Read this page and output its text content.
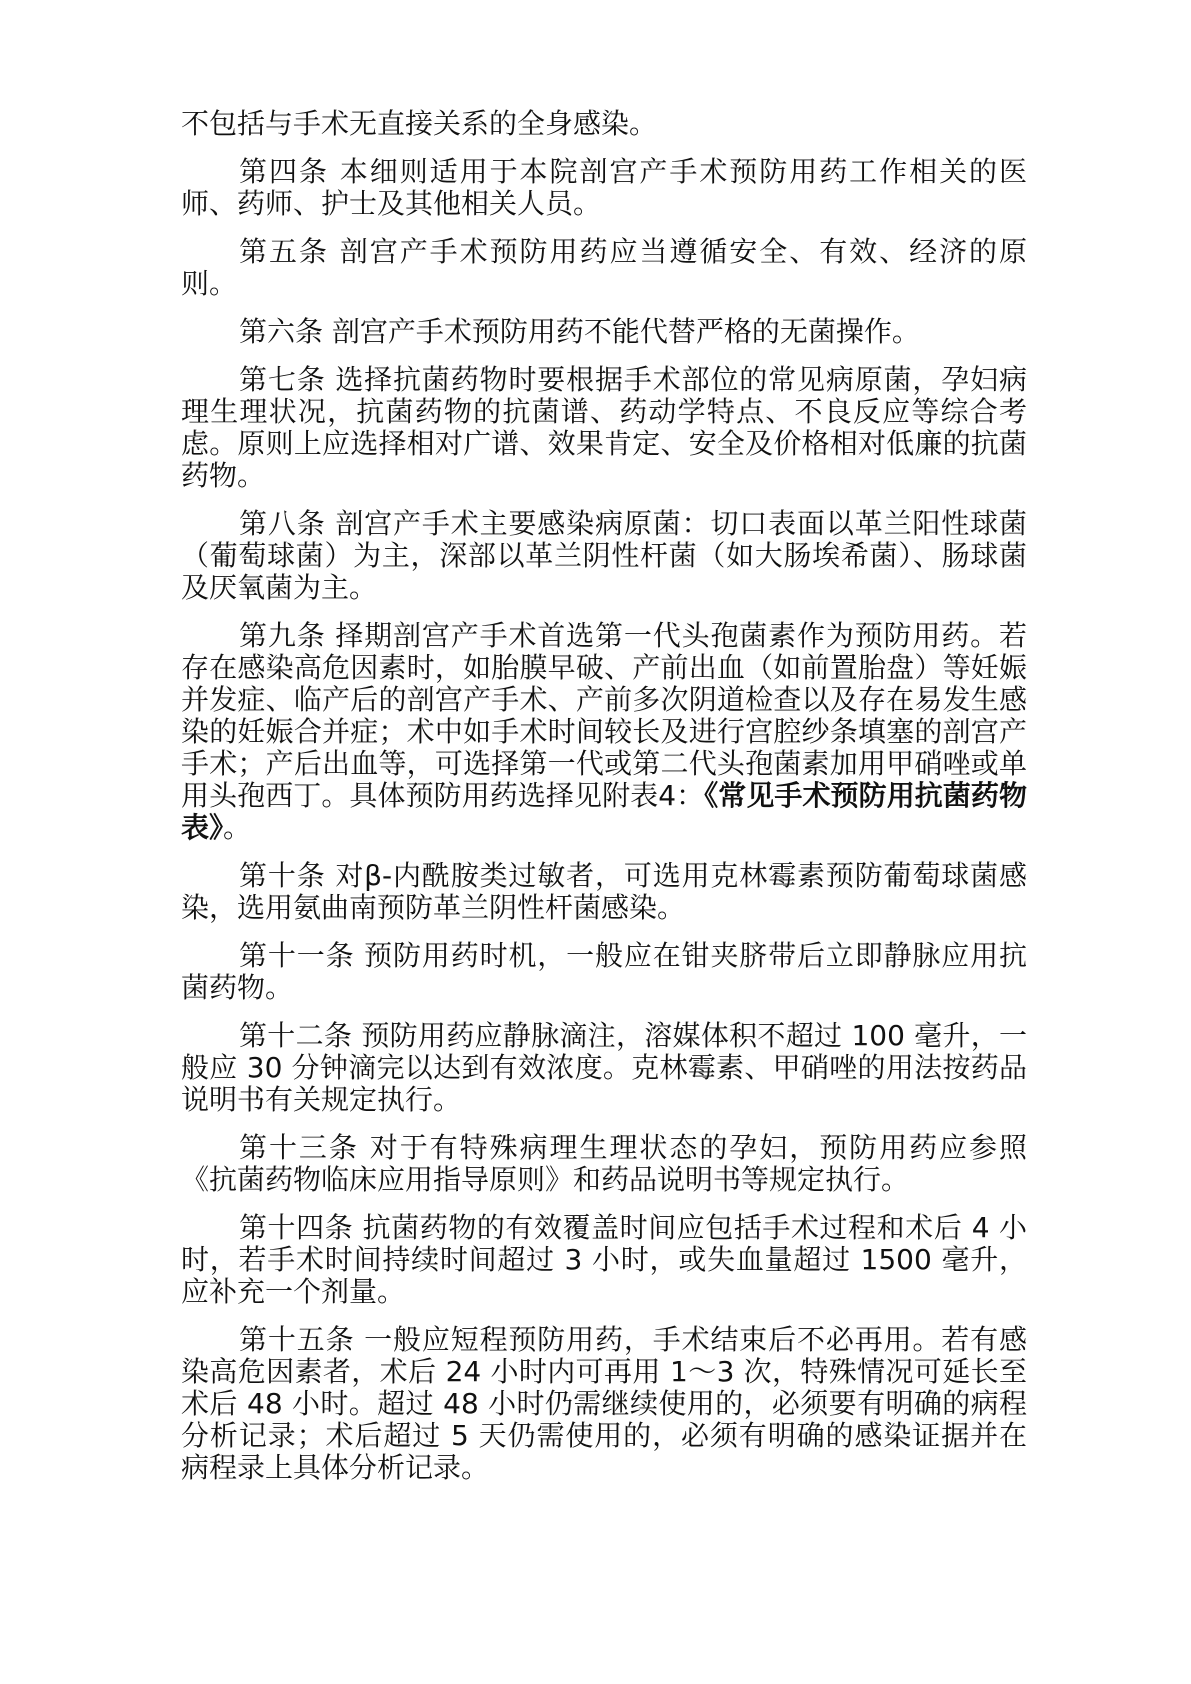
不包括与手术无直接关系的全身感染。

第四条 本细则适用于本院剖宫产手术预防用药工作相关的医师、药师、护士及其他相关人员。

第五条 剖宫产手术预防用药应当遵循安全、有效、经济的原则。

第六条 剖宫产手术预防用药不能代替严格的无菌操作。

第七条 选择抗菌药物时要根据手术部位的常见病原菌，孕妇病理生理状况，抗菌药物的抗菌谱、药动学特点、不良反应等综合考虑。原则上应选择相对广谱、效果肯定、安全及价格相对低廉的抗菌药物。

第八条 剖宫产手术主要感染病原菌：切口表面以革兰阳性球菌（葡萄球菌）为主，深部以革兰阴性杆菌（如大肠埃希菌）、肠球菌及厌氧菌为主。

第九条 择期剖宫产手术首选第一代头孢菌素作为预防用药。若存在感染高危因素时，如胎膜早破、产前出血（如前置胎盘）等妊娠并发症、临产后的剖宫产手术、产前多次阴道检查以及存在易发生感染的妊娠合并症；术中如手术时间较长及进行宫腔纱条填塞的剖宫产手术；产后出血等，可选择第一代或第二代头孢菌素加用甲硝唑或单用头孢西丁。具体预防用药选择见附表4：《常见手术预防用抗菌药物表》。

第十条 对β-内酰胺类过敏者，可选用克林霉素预防葡萄球菌感染，选用氨曲南预防革兰阴性杆菌感染。

第十一条 预防用药时机，一般应在钳夹脐带后立即静脉应用抗菌药物。

第十二条 预防用药应静脉滴注，溶媒体积不超过 100 毫升，一般应 30 分钟滴完以达到有效浓度。克林霉素、甲硝唑的用法按药品说明书有关规定执行。

第十三条 对于有特殊病理生理状态的孕妇，预防用药应参照《抗菌药物临床应用指导原则》和药品说明书等规定执行。

第十四条 抗菌药物的有效覆盖时间应包括手术过程和术后 4 小时，若手术时间持续时间超过 3 小时，或失血量超过 1500 毫升，应补充一个剂量。

第十五条 一般应短程预防用药，手术结束后不必再用。若有感染高危因素者，术后 24 小时内可再用 1～3 次，特殊情况可延长至术后 48 小时。超过 48 小时仍需继续使用的，必须要有明确的病程分析记录；术后超过 5 天仍需使用的，必须有明确的感染证据并在病程录上具体分析记录。
